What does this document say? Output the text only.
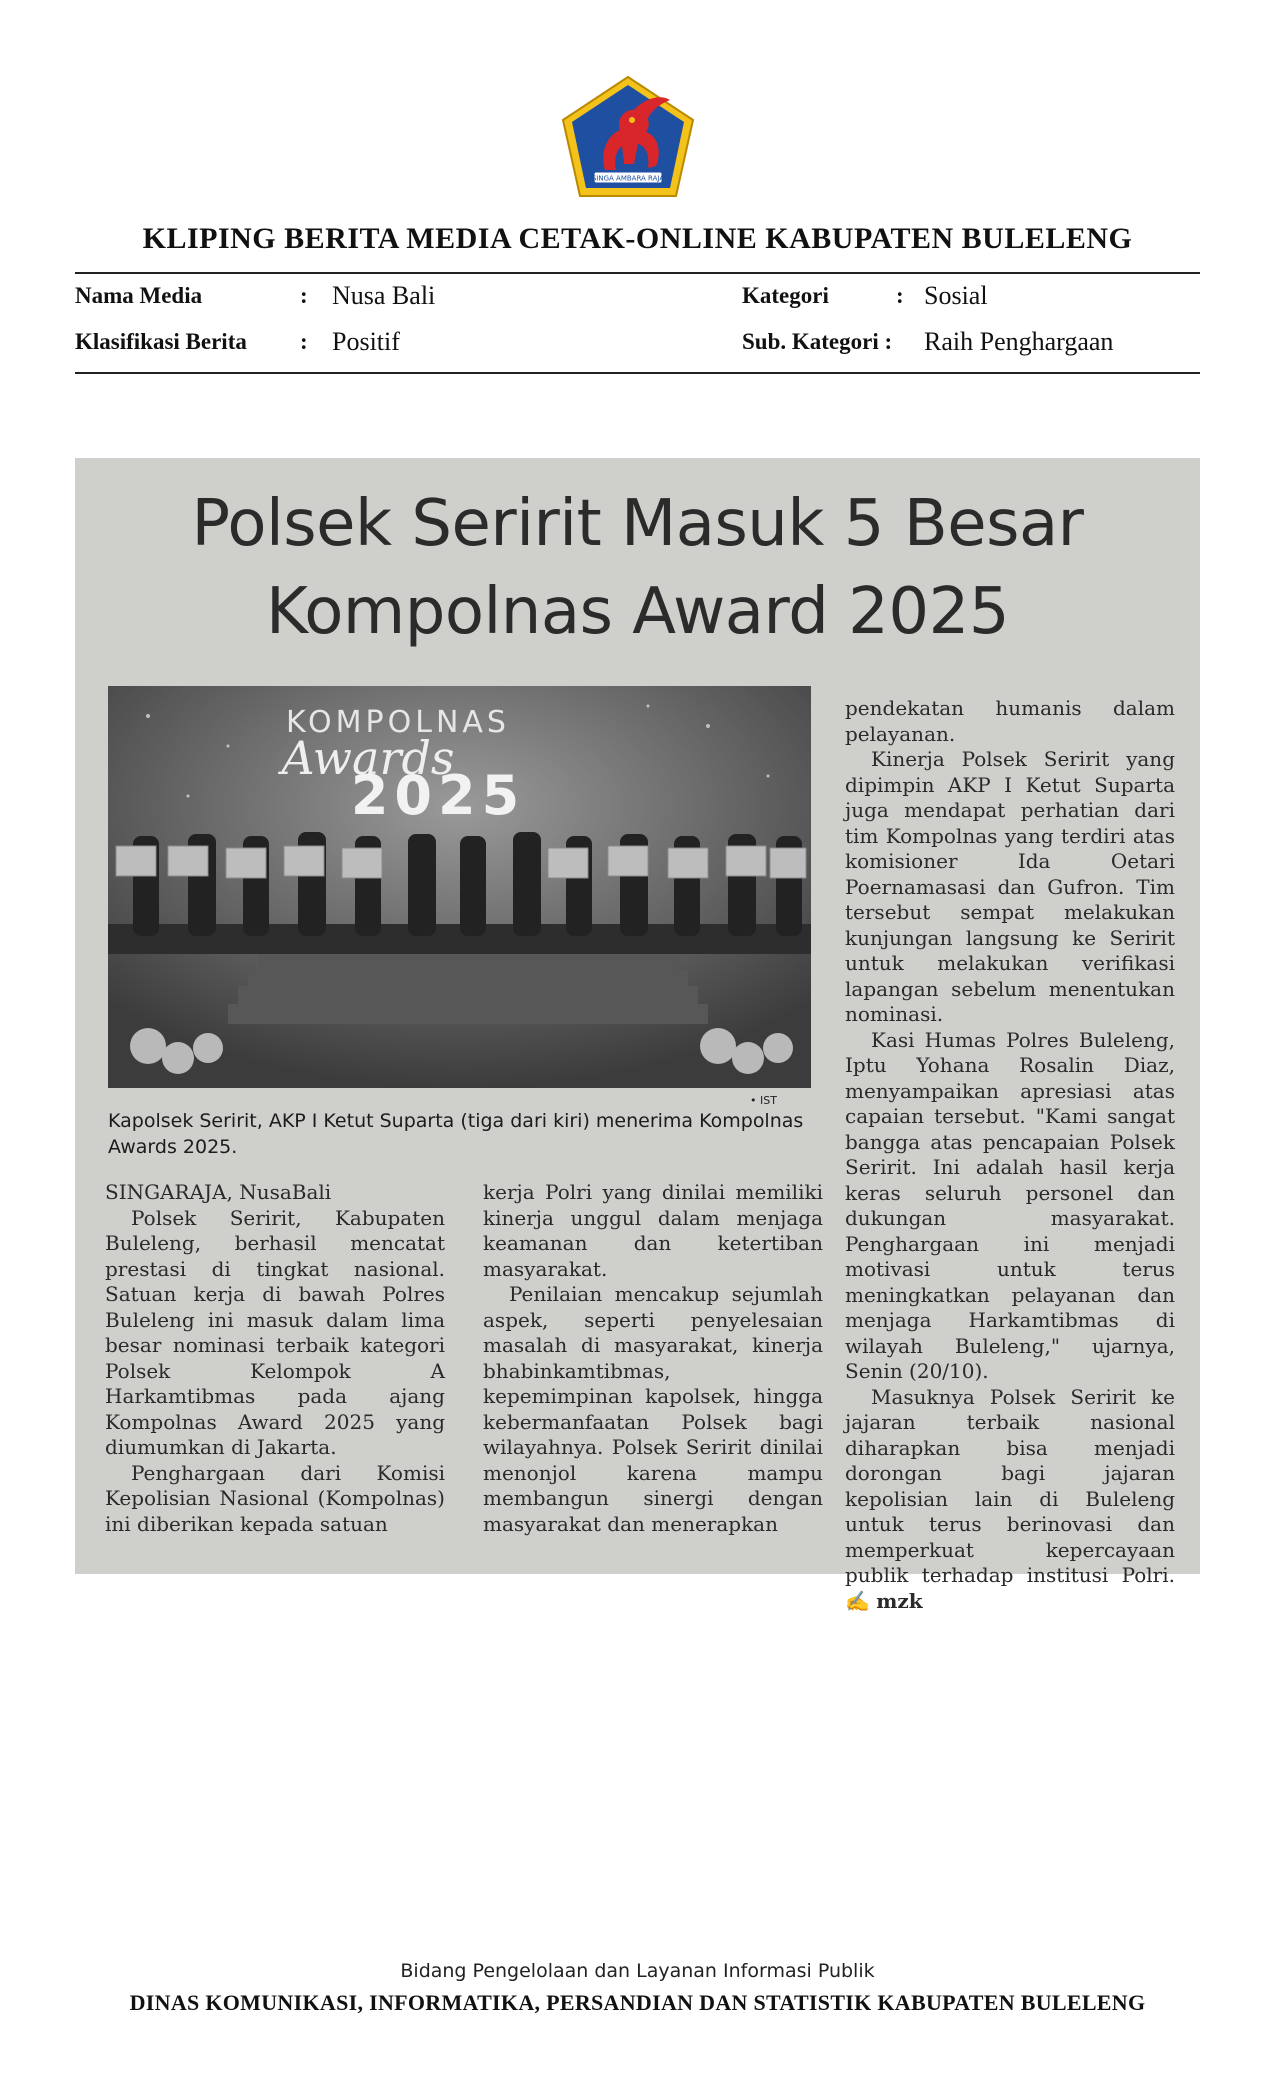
SINGA AMBARA RAJA
KLIPING BERITA MEDIA CETAK-ONLINE KABUPATEN BULELENG
Nama Media	: Nusa Bali	Kategori	: Sosial
Klasifikasi Berita : Positif	Sub. Kategori : Raih Penghargaan
Polsek Seririt Masuk 5 Besar
Kompolnas Award 2025
KOMPOLNAS
Awards
2025
• IST
Kapolsek Seririt, AKP I Ketut Suparta (tiga dari kiri) menerima Kompolnas Awards 2025.
SINGARAJA, NusaBali

Polsek Seririt, Kabupaten Buleleng, berhasil mencatat prestasi di tingkat nasional. Satuan kerja di bawah Polres Buleleng ini masuk dalam lima besar nominasi terbaik kategori Polsek Kelompok A Harkamtibmas pada ajang Kompolnas Award 2025 yang diumumkan di Jakarta.

Penghargaan dari Komisi Kepolisian Nasional (Kompolnas) ini diberikan kepada satuan

kerja Polri yang dinilai memiliki kinerja unggul dalam menjaga keamanan dan ketertiban masyarakat.

Penilaian mencakup sejumlah aspek, seperti penyelesaian masalah di masyarakat, kinerja bhabinkamtibmas, kepemimpinan kapolsek, hingga kebermanfaatan Polsek bagi wilayahnya. Polsek Seririt dinilai menonjol karena mampu membangun sinergi dengan masyarakat dan menerapkan

pendekatan humanis dalam pelayanan.

Kinerja Polsek Seririt yang dipimpin AKP I Ketut Suparta juga mendapat perhatian dari tim Kompolnas yang terdiri atas komisioner Ida Oetari Poernamasasi dan Gufron. Tim tersebut sempat melakukan kunjungan langsung ke Seririt untuk melakukan verifikasi lapangan sebelum menentukan nominasi.

Kasi Humas Polres Buleleng, Iptu Yohana Rosalin Diaz, menyampaikan apresiasi atas capaian tersebut. "Kami sangat bangga atas pencapaian Polsek Seririt. Ini adalah hasil kerja keras seluruh personel dan dukungan masyarakat. Penghargaan ini menjadi motivasi untuk terus meningkatkan pelayanan dan menjaga Harkamtibmas di wilayah Buleleng," ujarnya, Senin (20/10).

Masuknya Polsek Seririt ke jajaran terbaik nasional diharapkan bisa menjadi dorongan bagi jajaran kepolisian lain di Buleleng untuk terus berinovasi dan memperkuat kepercayaan publik terhadap institusi Polri. ✍ mzk

Bidang Pengelolaan dan Layanan Informasi Publik
DINAS KOMUNIKASI, INFORMATIKA, PERSANDIAN DAN STATISTIK KABUPATEN BULELENG
